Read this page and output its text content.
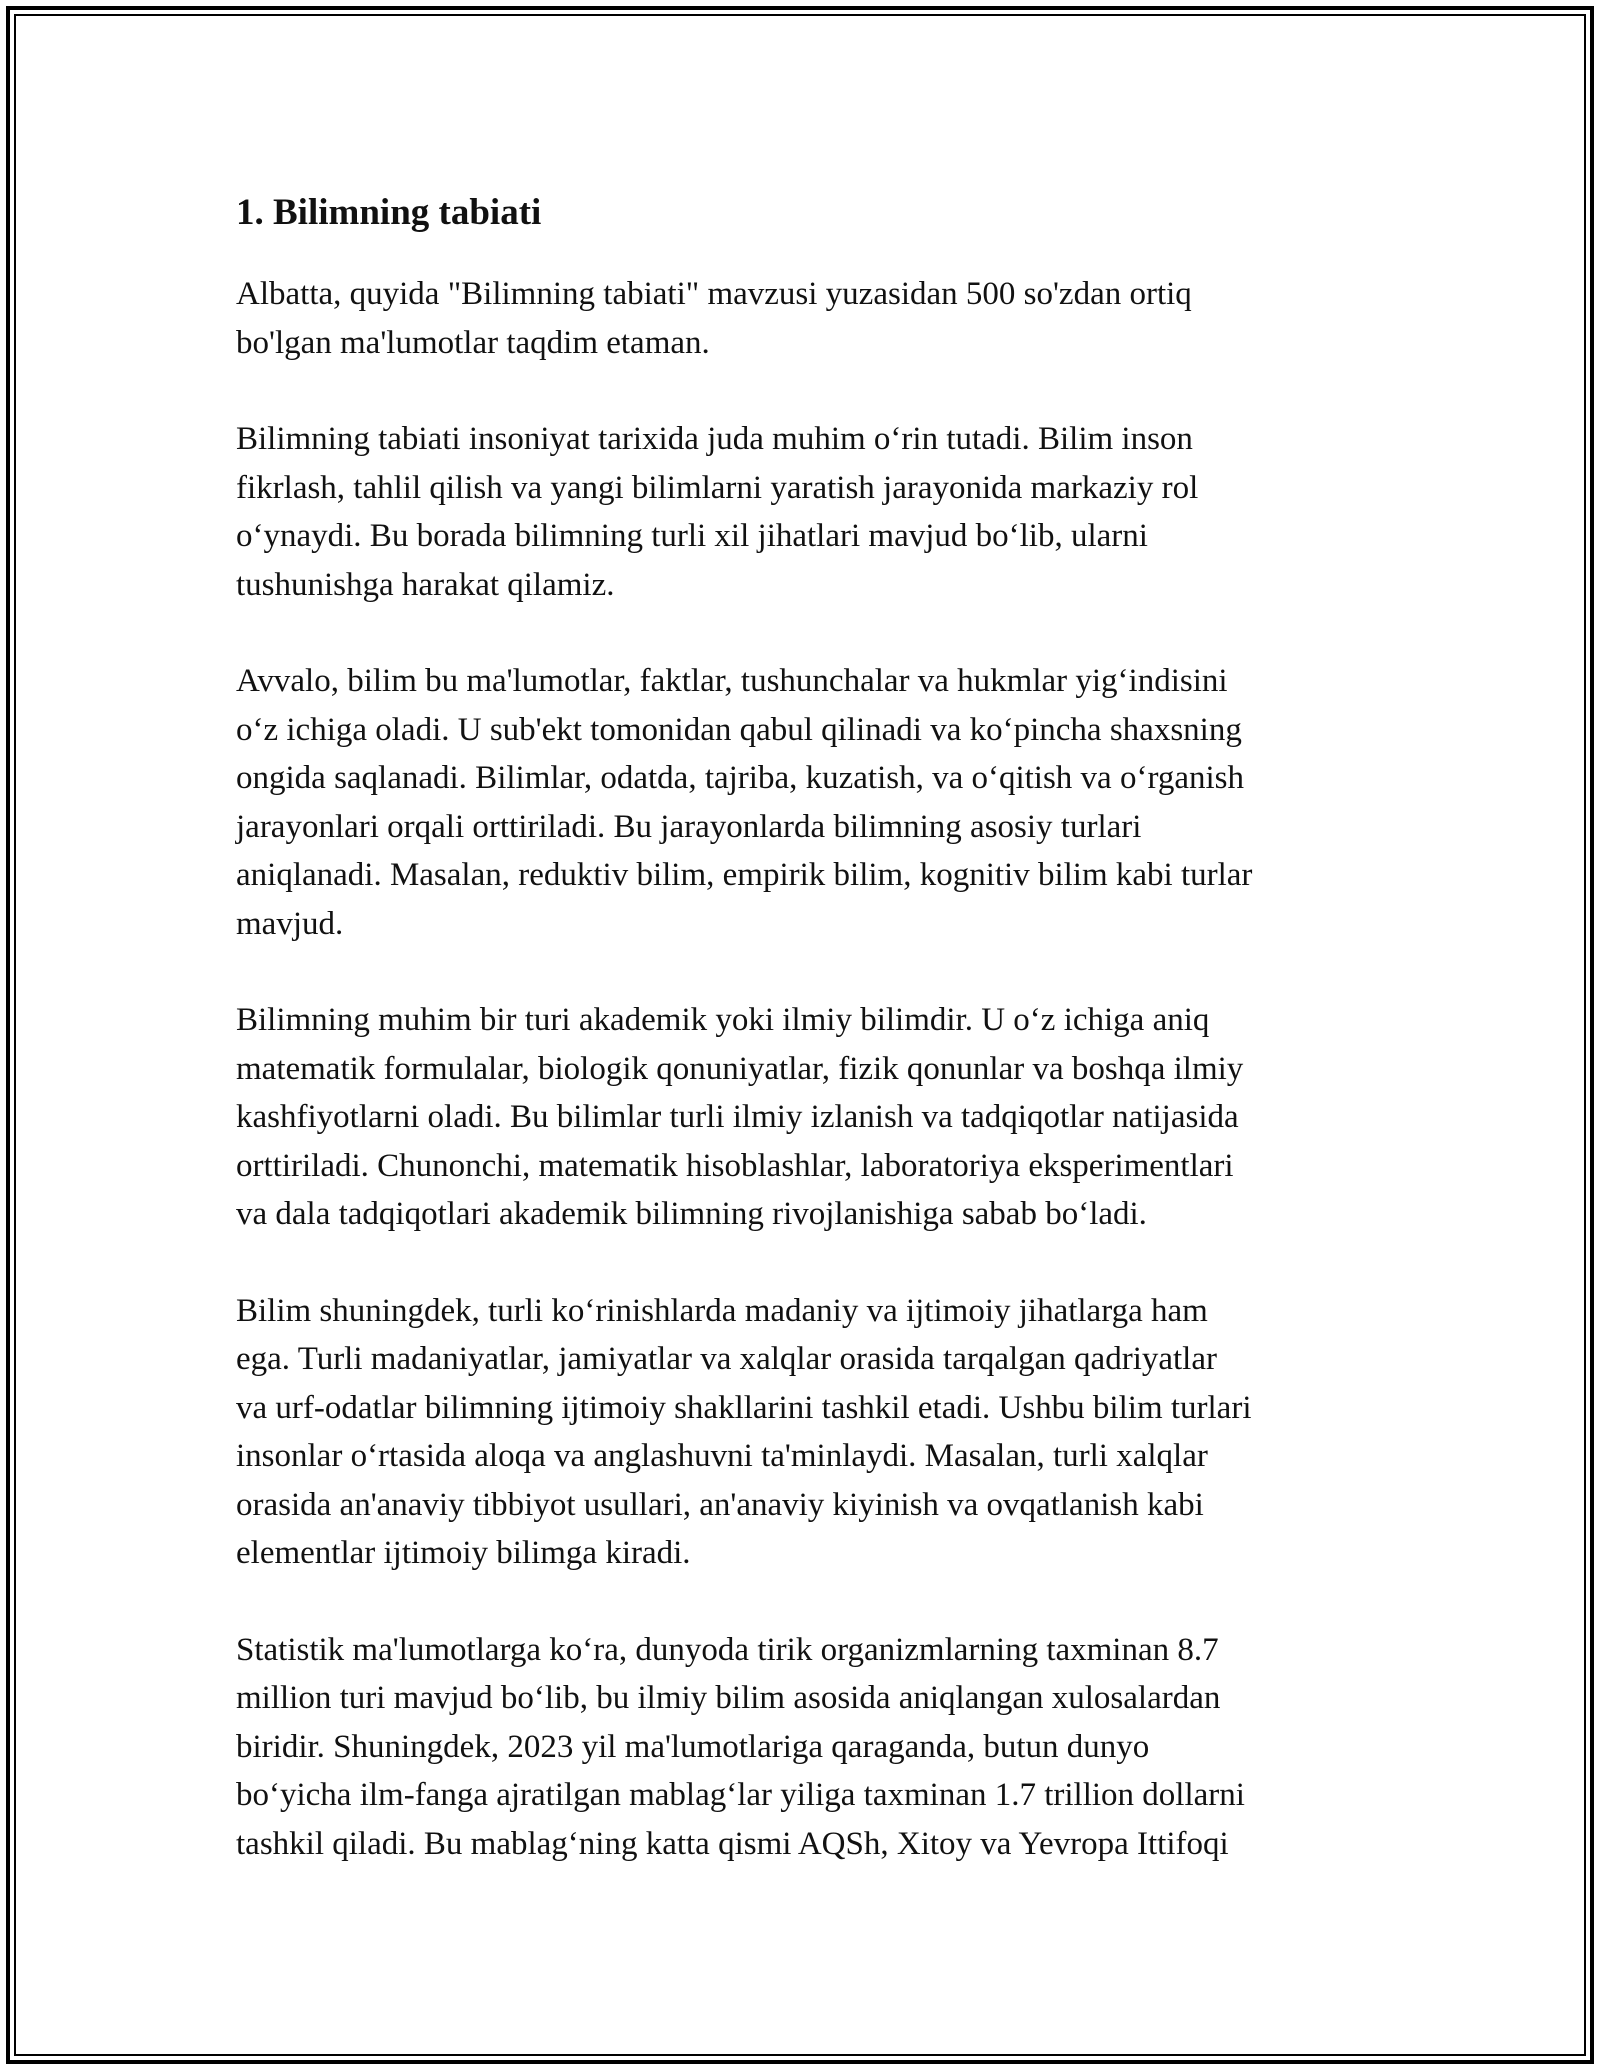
1. Bilimning tabiati

Albatta, quyida "Bilimning tabiati" mavzusi yuzasidan 500 so'zdan ortiq
bo'lgan ma'lumotlar taqdim etaman.

Bilimning tabiati insoniyat tarixida juda muhim oʻrin tutadi. Bilim inson
fikrlash, tahlil qilish va yangi bilimlarni yaratish jarayonida markaziy rol
oʻynaydi. Bu borada bilimning turli xil jihatlari mavjud boʻlib, ularni
tushunishga harakat qilamiz.

Avvalo, bilim bu ma'lumotlar, faktlar, tushunchalar va hukmlar yigʻindisini
oʻz ichiga oladi. U sub'ekt tomonidan qabul qilinadi va koʻpincha shaxsning
ongida saqlanadi. Bilimlar, odatda, tajriba, kuzatish, va oʻqitish va oʻrganish
jarayonlari orqali orttiriladi. Bu jarayonlarda bilimning asosiy turlari
aniqlanadi. Masalan, reduktiv bilim, empirik bilim, kognitiv bilim kabi turlar
mavjud.

Bilimning muhim bir turi akademik yoki ilmiy bilimdir. U oʻz ichiga aniq
matematik formulalar, biologik qonuniyatlar, fizik qonunlar va boshqa ilmiy
kashfiyotlarni oladi. Bu bilimlar turli ilmiy izlanish va tadqiqotlar natijasida
orttiriladi. Chunonchi, matematik hisoblashlar, laboratoriya eksperimentlari
va dala tadqiqotlari akademik bilimning rivojlanishiga sabab boʻladi.

Bilim shuningdek, turli koʻrinishlarda madaniy va ijtimoiy jihatlarga ham
ega. Turli madaniyatlar, jamiyatlar va xalqlar orasida tarqalgan qadriyatlar
va urf-odatlar bilimning ijtimoiy shakllarini tashkil etadi. Ushbu bilim turlari
insonlar oʻrtasida aloqa va anglashuvni ta'minlaydi. Masalan, turli xalqlar
orasida an'anaviy tibbiyot usullari, an'anaviy kiyinish va ovqatlanish kabi
elementlar ijtimoiy bilimga kiradi.

Statistik ma'lumotlarga koʻra, dunyoda tirik organizmlarning taxminan 8.7
million turi mavjud boʻlib, bu ilmiy bilim asosida aniqlangan xulosalardan
biridir. Shuningdek, 2023 yil ma'lumotlariga qaraganda, butun dunyo
boʻyicha ilm-fanga ajratilgan mablagʻlar yiliga taxminan 1.7 trillion dollarni
tashkil qiladi. Bu mablagʻning katta qismi AQSh, Xitoy va Yevropa Ittifoqi
